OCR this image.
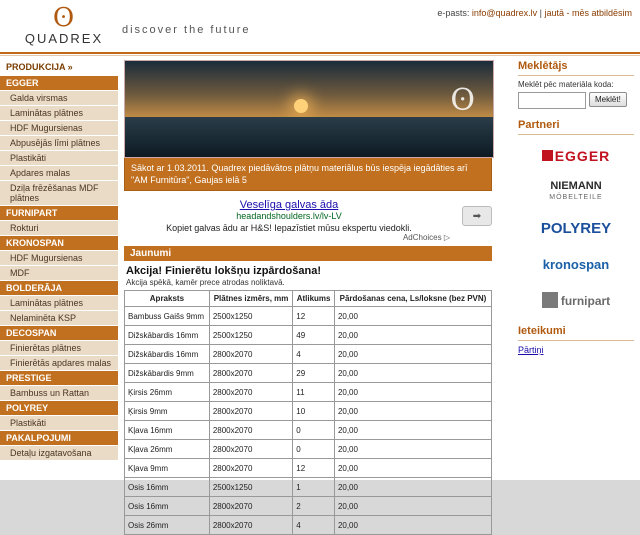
ʘ
QUADREX
discover the future
e-pasts: info@quadrex.lv | jautā - mēs atbildēsim
PRODUKCIJA »
EGGER
Galda virsmas
Laminātas plātnes
HDF Mugursienas
Abpusējās līmi plātnes
Plastikāti
Apdares malas
Dziļa frēzēšanas MDF plātnes
FURNIPART
Rokturi
KRONOSPAN
HDF Mugursienas
MDF
BOLDERĀJA
Laminātas plātnes
Nelaminēta KSP
DECOSPAN
Finierētas plātnes
Finierētās apdares malas
PRESTIGE
Bambuss un Rattan
POLYREY
Plastikāti
PAKALPOJUMI
Detaļu izgatavošana
ʘ
Sākot ar 1.03.2011. Quadrex piedāvātos plātņu materiālus būs iespēja iegādāties arī "AM Furnitūra", Gaujas ielā 5
Veselīga galvas āda
headandshoulders.lv/lv-LV
Kopiet galvas ādu ar H&S! Iepazīstiet mūsu ekspertu viedokli.
➡
AdChoices ▷
Jaunumi
Akcija! Finierētu lokšņu izpārdošana!
Akcija spēkā, kamēr prece atrodas noliktavā.
Apraksts	Plātnes izmērs, mm	Atlikums	Pārdošanas cena, Ls/loksne (bez PVN)
Bambuss Gaišs 9mm	2500x1250	12	20,00
Dižskābardis 16mm	2500x1250	49	20,00
Dižskābardis 16mm	2800x2070	4	20,00
Dižskābardis 9mm	2800x2070	29	20,00
Ķirsis 26mm	2800x2070	11	20,00
Ķirsis 9mm	2800x2070	10	20,00
Kļava 16mm	2800x2070	0	20,00
Kļava 26mm	2800x2070	0	20,00
Kļava 9mm	2800x2070	12	20,00
Osis 16mm	2500x1250	1	20,00
Osis 16mm	2800x2070	2	20,00
Osis 26mm	2800x2070	4	20,00
Meklētājs
Meklēt pēc materiāla koda:
Meklēt!
Partneri
EGGER
NIEMANN
MÖBELTEILE
POLYREY
kronospan
furnipart
Ieteikumi
Pārtiņi
